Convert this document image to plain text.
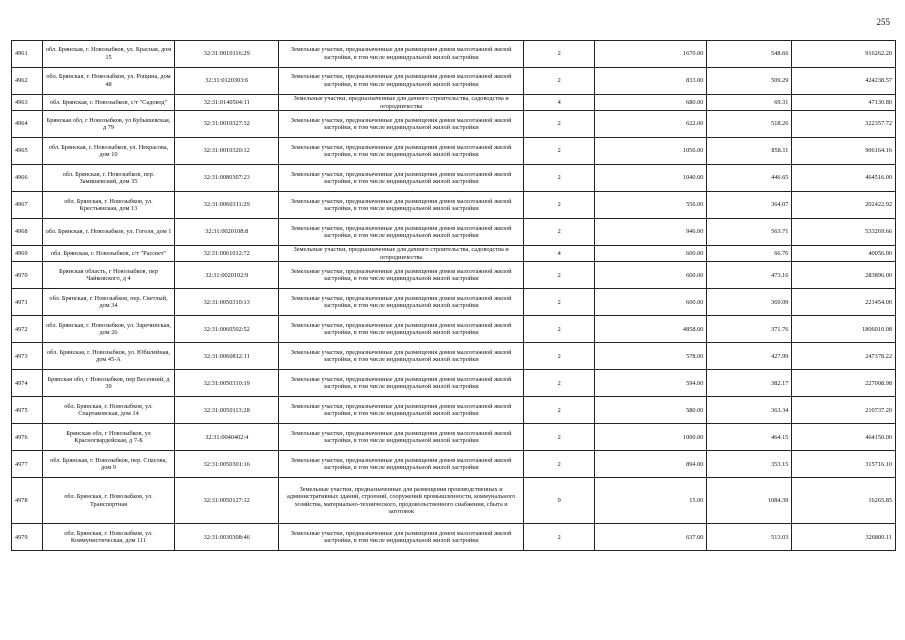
255
4961	обл. Брянская, г. Новозыбков, ул. Красная, дом 15	32:31:0010116:29	Земельные участки, предназначенные для размещения домов малоэтажной жилой застройки, в том числе индивидуальной жилой застройки	2	1670.00	548.66	916262.20
4962	обл. Брянская, г. Новозыбков, ул. Рощина, дом 48	32:31:0120303:6	Земельные участки, предназначенные для размещения домов малоэтажной жилой застройки, в том числе индивидуальной жилой застройки	2	833.00	509.29	424238.57
4963	обл. Брянская, г. Новозыбков, с/т "Садовод"	32:31:0140504:11	Земельные участки, предназначенные для дачного строительства, садоводства и огородничества	4	680.00	69.31	47130.80
4964	Брянская обл, г Новозыбков, ул Кубышевская, д 79	32:31:0010327:32	Земельные участки, предназначенные для размещения домов малоэтажной жилой застройки, в том числе индивидуальной жилой застройки	2	622.00	518.26	322357.72
4965	обл. Брянская, г. Новозыбков, ул. Некрасова, дом 10	32:31:0010320:12	Земельные участки, предназначенные для размещения домов малоэтажной жилой застройки, в том числе индивидуальной жилой застройки	2	1056.00	858.11	906164.16
4966	обл. Брянская, г. Новозыбков, пер. Замишевский, дом 35	32:31:0080307:23	Земельные участки, предназначенные для размещения домов малоэтажной жилой застройки, в том числе индивидуальной жилой застройки	2	1040.00	446.65	464516.00
4967	обл. Брянская, г. Новозыбков, ул. Крестьянская, дом 13	32:31:0060311:29	Земельные участки, предназначенные для размещения домов малоэтажной жилой застройки, в том числе индивидуальной жилой застройки	2	556.00	364.07	202422.92
4968	обл. Брянская, г. Новозыбков, ул. Гоголя, дом 1	32:31:0020108:8	Земельные участки, предназначенные для размещения домов малоэтажной жилой застройки, в том числе индивидуальной жилой застройки	2	946.00	563.71	533269.66
4969	обл. Брянская, г. Новозыбков, с/т "Рассвет"	32:31:0061012:72	Земельные участки, предназначенные для дачного строительства, садоводства и огородничества	4	600.00	66.76	40056.00
4970	Брянская область, г Новозыбков, пер Чайковского, д 4	32:31:0020102:9	Земельные участки, предназначенные для размещения домов малоэтажной жилой застройки, в том числе индивидуальной жилой застройки	2	600.00	473.16	283896.00
4971	обл. Брянская, г. Новозыбков, пер. Светлый, дом 34	32:31:0050310:13	Земельные участки, предназначенные для размещения домов малоэтажной жилой застройки, в том числе индивидуальной жилой застройки	2	600.00	369.09	221454.00
4972	обл. Брянская, г. Новозыбков, ул. Заречинская, дом 26	32:31:0060502:52	Земельные участки, предназначенные для размещения домов малоэтажной жилой застройки, в том числе индивидуальной жилой застройки	2	4858.00	371.76	1806010.08
4973	обл. Брянская, г. Новозыбков, ул. Юбилейная, дом 45-А	32:31:0060812:11	Земельные участки, предназначенные для размещения домов малоэтажной жилой застройки, в том числе индивидуальной жилой застройки	2	578.00	427.99	247378.22
4974	Брянская обл, г Новозыбков, пер Весенний, д 39	32:31:0050310:19	Земельные участки, предназначенные для размещения домов малоэтажной жилой застройки, в том числе индивидуальной жилой застройки	2	594.00	382.17	227008.98
4975	обл. Брянская, г. Новозыбков, ул. Спартаковская, дом 14	32:31:0050113:28	Земельные участки, предназначенные для размещения домов малоэтажной жилой застройки, в том числе индивидуальной жилой застройки	2	580.00	363.34	210737.20
4976	Брянская обл, г Новозыбков, ул Красногвардейская, д 7-Б	32:31:0040402:4	Земельные участки, предназначенные для размещения домов малоэтажной жилой застройки, в том числе индивидуальной жилой застройки	2	1000.00	464.15	464150.00
4977	обл. Брянская, г. Новозыбков, пер. Спасова, дом 9	32:31:0050301:16	Земельные участки, предназначенные для размещения домов малоэтажной жилой застройки, в том числе индивидуальной жилой застройки	2	894.00	353.15	315716.10
4978	обл. Брянская, г. Новозыбков, ул. Транспортная	32:31:0050127:12	Земельные участки, предназначенные для размещения производственных и административных зданий, строений, сооружений промышленности, коммунального хозяйства, материально-технического, продовольственного снабжения, сбыта и заготовок	9	15.00	1084.39	16265.85
4979	обл. Брянская, г. Новозыбков, ул. Коммунистическая, дом 111	32:31:0030308:46	Земельные участки, предназначенные для размещения домов малоэтажной жилой застройки, в том числе индивидуальной жилой застройки	2	637.00	513.03	326800.11
